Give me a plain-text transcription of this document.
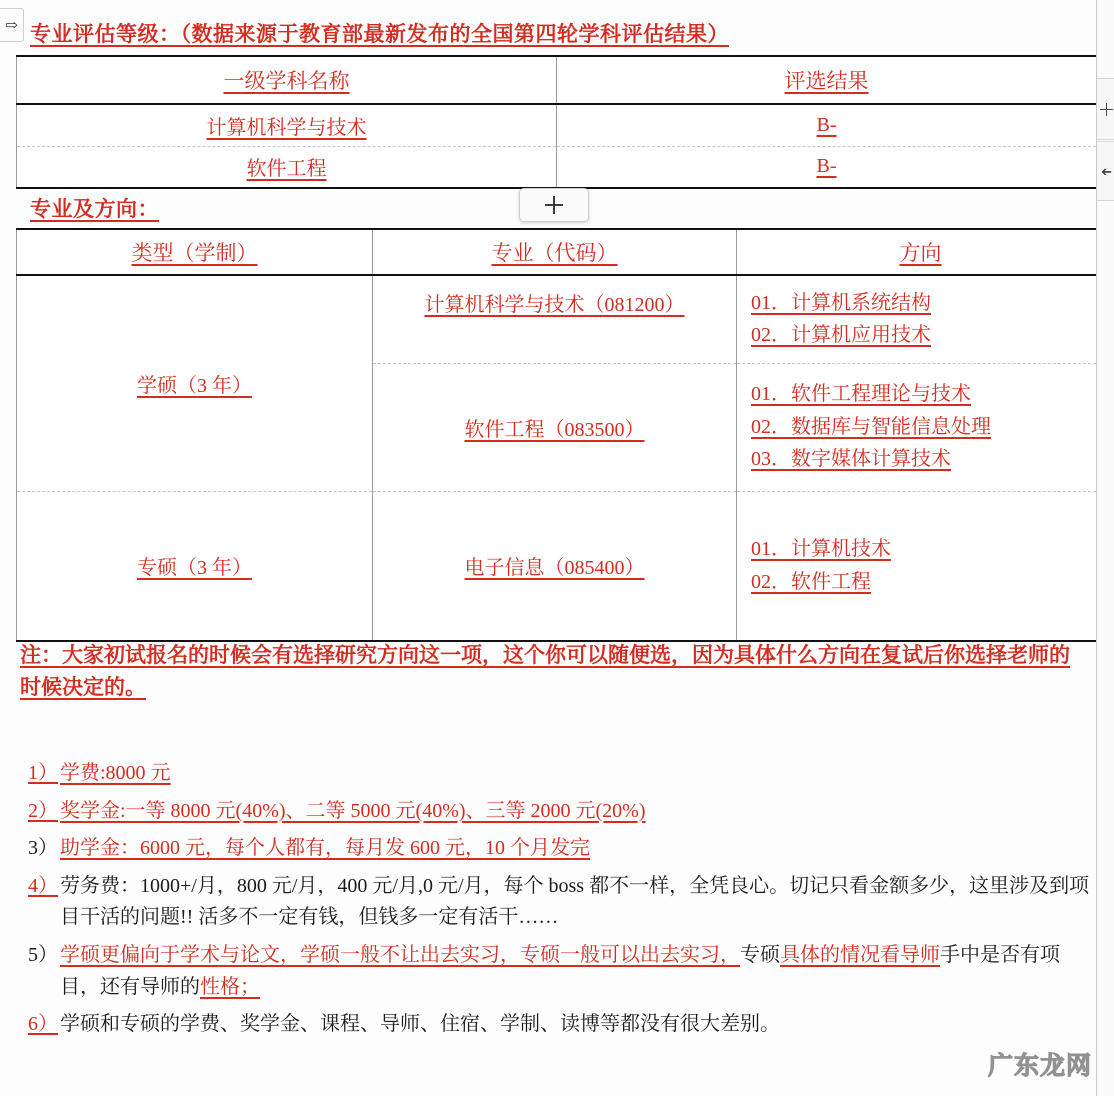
⇨ 专业评估等级：（数据来源于教育部最新发布的全国第四轮学科评估结果）
一级学科名称	评选结果
计算机科学与技术	B-
软件工程	B-
专业及方向：
类型（学制）	专业（代码）	方向
学硕（3 年）	计算机科学与技术（081200）	01．计算机系统结构
02．计算机应用技术

	软件工程（083500）	01．软件工程理论与技术
02．数据库与智能信息处理
03．数字媒体计算技术

专硕（3 年）	电子信息（085400）	01．计算机技术
02．软件工程
注：大家初试报名的时候会有选择研究方向这一项，这个你可以随便选，因为具体什么方向在复试后你选择老师的时候决定的。
1） 学费:8000 元
2） 奖学金:一等 8000 元(40%)、二等 5000 元(40%)、三等 2000 元(20%)
3） 助学金：6000 元，每个人都有，每月发 600 元，10 个月发完
4） 劳务费：1000+/月，800 元/月，400 元/月,0 元/月，每个 boss 都不一样，全凭良心。切记只看金额多少，这里涉及到项目干活的问题!! 活多不一定有钱，但钱多一定有活干……
5） 学硕更偏向于学术与论文，学硕一般不让出去实习，专硕一般可以出去实习，专硕具体的情况看导师手中是否有项目，还有导师的性格；
6） 学硕和专硕的学费、奖学金、课程、导师、住宿、学制、读博等都没有很大差别。
广东龙网
➔
